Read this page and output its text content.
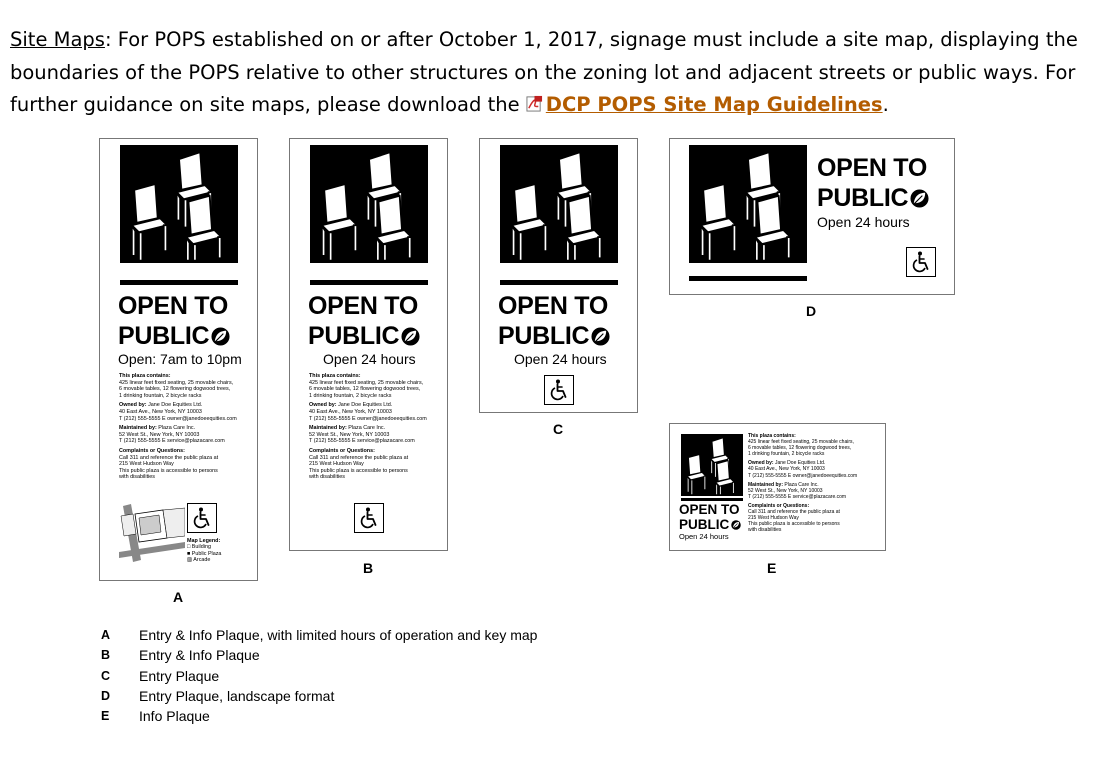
Site Maps: For POPS established on or after October 1, 2017, signage must include a site map, displaying the boundaries of the POPS relative to other structures on the zoning lot and adjacent streets or public ways. For further guidance on site maps, please download the DCP POPS Site Map Guidelines.
OPEN TO
PUBLIC
Open: 7am to 10pm
This plaza contains:
425 linear feet fixed seating, 25 movable chairs,
6 movable tables, 12 flowering dogwood trees,
1 drinking fountain, 2 bicycle racks
Owned by: Jane Doe Equities Ltd.
40 East Ave., New York, NY 10003
T (212) 555-5555 E owner@janedoeequities.com
Maintained by: Plaza Care Inc.
52 West St., New York, NY 10003
T (212) 555-5555 E service@plazacare.com
Complaints or Questions:
Call 311 and reference the public plaza at
215 West Hudson Way
This public plaza is accessible to persons
with disabilities
Map Legend:
□ Building
■ Public Plaza
▨ Arcade
A
OPEN TO
PUBLIC
Open 24 hours
This plaza contains:
425 linear feet fixed seating, 25 movable chairs,
6 movable tables, 12 flowering dogwood trees,
1 drinking fountain, 2 bicycle racks
Owned by: Jane Doe Equities Ltd.
40 East Ave., New York, NY 10003
T (212) 555-5555 E owner@janedoeequities.com
Maintained by: Plaza Care Inc.
52 West St., New York, NY 10003
T (212) 555-5555 E service@plazacare.com
Complaints or Questions:
Call 311 and reference the public plaza at
215 West Hudson Way
This public plaza is accessible to persons
with disabilities
B
OPEN TO
PUBLIC
Open 24 hours
C
OPEN TO
PUBLIC
Open 24 hours
D
OPEN TO
PUBLIC
Open 24 hours
This plaza contains:
425 linear feet fixed seating, 25 movable chairs,
6 movable tables, 12 flowering dogwood trees,
1 drinking fountain, 2 bicycle racks
Owned by: Jane Doe Equities Ltd.
40 East Ave., New York, NY 10003
T (212) 555-5555 E owner@janedoeequities.com
Maintained by: Plaza Care Inc.
52 West St., New York, NY 10003
T (212) 555-5555 E service@plazacare.com
Complaints or Questions:
Call 311 and reference the public plaza at
215 West Hudson Way
This public plaza is accessible to persons
with disabilities
E
A	Entry & Info Plaque, with limited hours of operation and key map
B	Entry & Info Plaque
C	Entry Plaque
D	Entry Plaque, landscape format
E	Info Plaque
